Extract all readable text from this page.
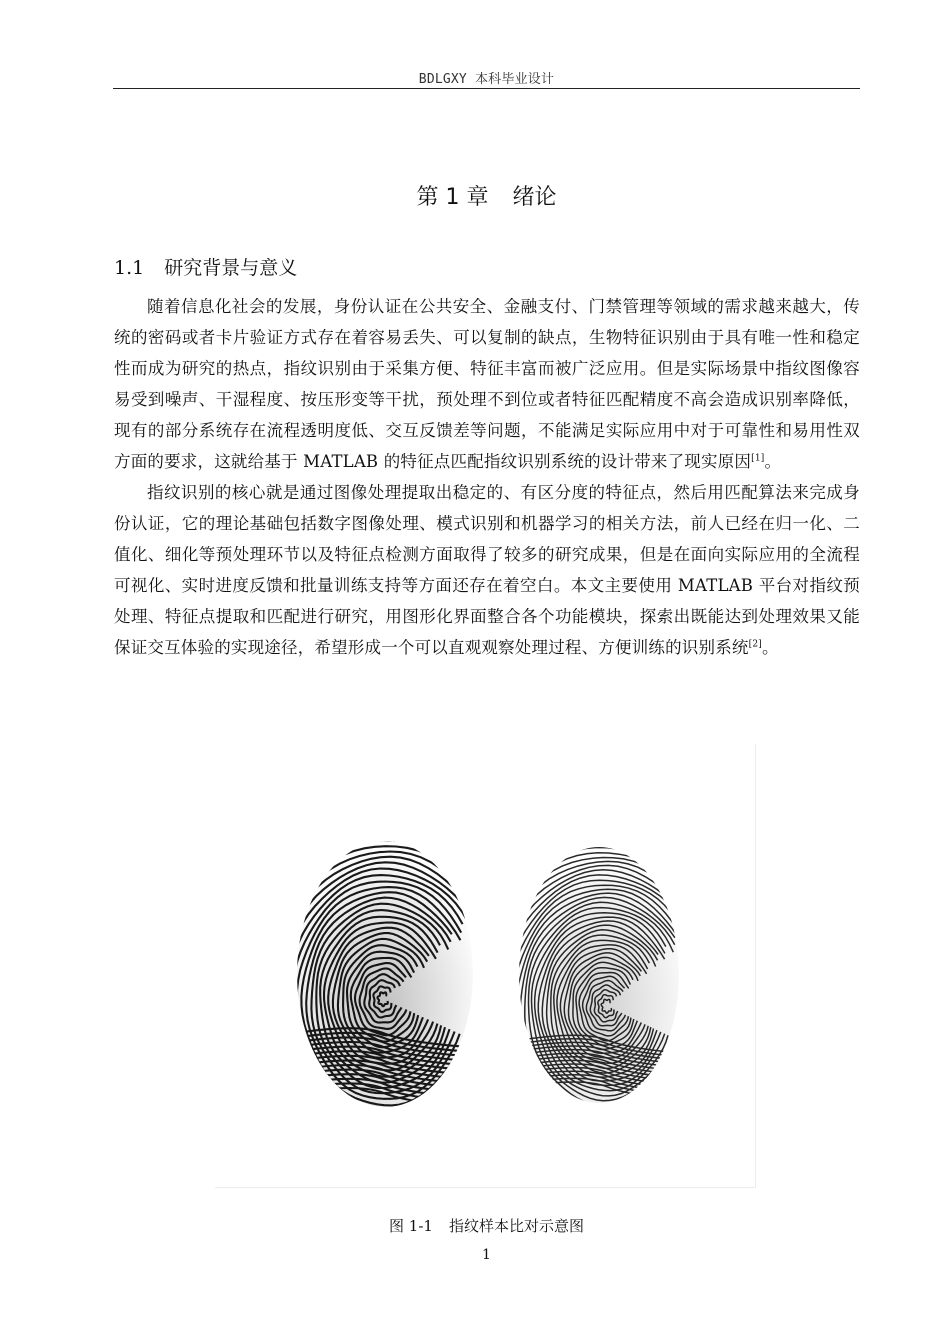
BDLGXY 本科毕业设计
第 1 章 绪论
1.1 研究背景与意义

随着信息化社会的发展，身份认证在公共安全、金融支付、门禁管理等领域的需求越来越大，传统的密码或者卡片验证方式存在着容易丢失、可以复制的缺点，生物特征识别由于具有唯一性和稳定性而成为研究的热点，指纹识别由于采集方便、特征丰富而被广泛应用。但是实际场景中指纹图像容易受到噪声、干湿程度、按压形变等干扰，预处理不到位或者特征匹配精度不高会造成识别率降低，现有的部分系统存在流程透明度低、交互反馈差等问题，不能满足实际应用中对于可靠性和易用性双方面的要求，这就给基于 MATLAB 的特征点匹配指纹识别系统的设计带来了现实原因[1]。

指纹识别的核心就是通过图像处理提取出稳定的、有区分度的特征点，然后用匹配算法来完成身份认证，它的理论基础包括数字图像处理、模式识别和机器学习的相关方法，前人已经在归一化、二值化、细化等预处理环节以及特征点检测方面取得了较多的研究成果，但是在面向实际应用的全流程可视化、实时进度反馈和批量训练支持等方面还存在着空白。本文主要使用 MATLAB 平台对指纹预处理、特征点提取和匹配进行研究，用图形化界面整合各个功能模块，探索出既能达到处理效果又能保证交互体验的实现途径，希望形成一个可以直观观察处理过程、方便训练的识别系统[2]。

图 1-1 指纹样本比对示意图
1
